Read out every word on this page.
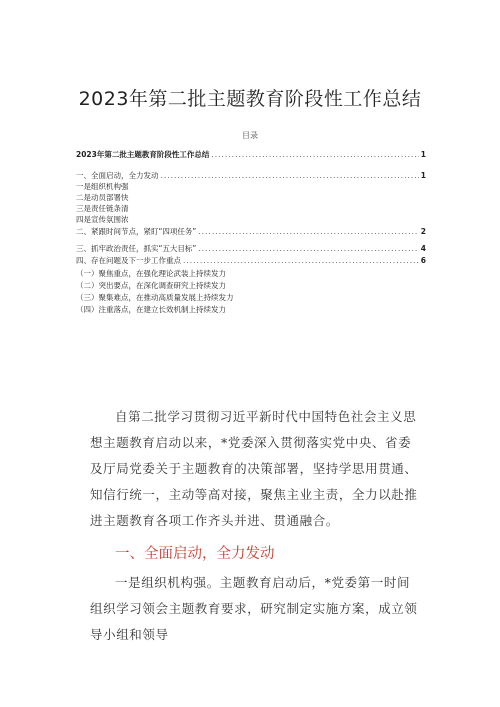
2023年第二批主题教育阶段性工作总结
目录
2023年第二批主题教育阶段性工作总结 .....	1
一、全面启动，全力发动 .....	1
一是组织机构强
二是动员部署快
三是责任链条清
四是宣传氛围浓
二、紧跟时间节点，紧盯“四项任务” .....	2
三、抓牢政治责任，抓实“五大目标” .....	4
四、存在问题及下一步工作重点 .....	6
（一）聚焦重点，在强化理论武装上持续发力
（二）突出要点，在深化调查研究上持续发力
（三）聚集难点，在推动高质量发展上持续发力
（四）注重落点，在建立长效机制上持续发力
自第二批学习贯彻习近平新时代中国特色社会主义思想主题教育启动以来，*党委深入贯彻落实党中央、省委及厅局党委关于主题教育的决策部署，坚持学思用贯通、知信行统一，主动等高对接，聚焦主业主责，全力以赴推进主题教育各项工作齐头并进、贯通融合。
一、全面启动，全力发动
一是组织机构强。主题教育启动后，*党委第一时间组织学习领会主题教育要求，研究制定实施方案，成立领导小组和领导
